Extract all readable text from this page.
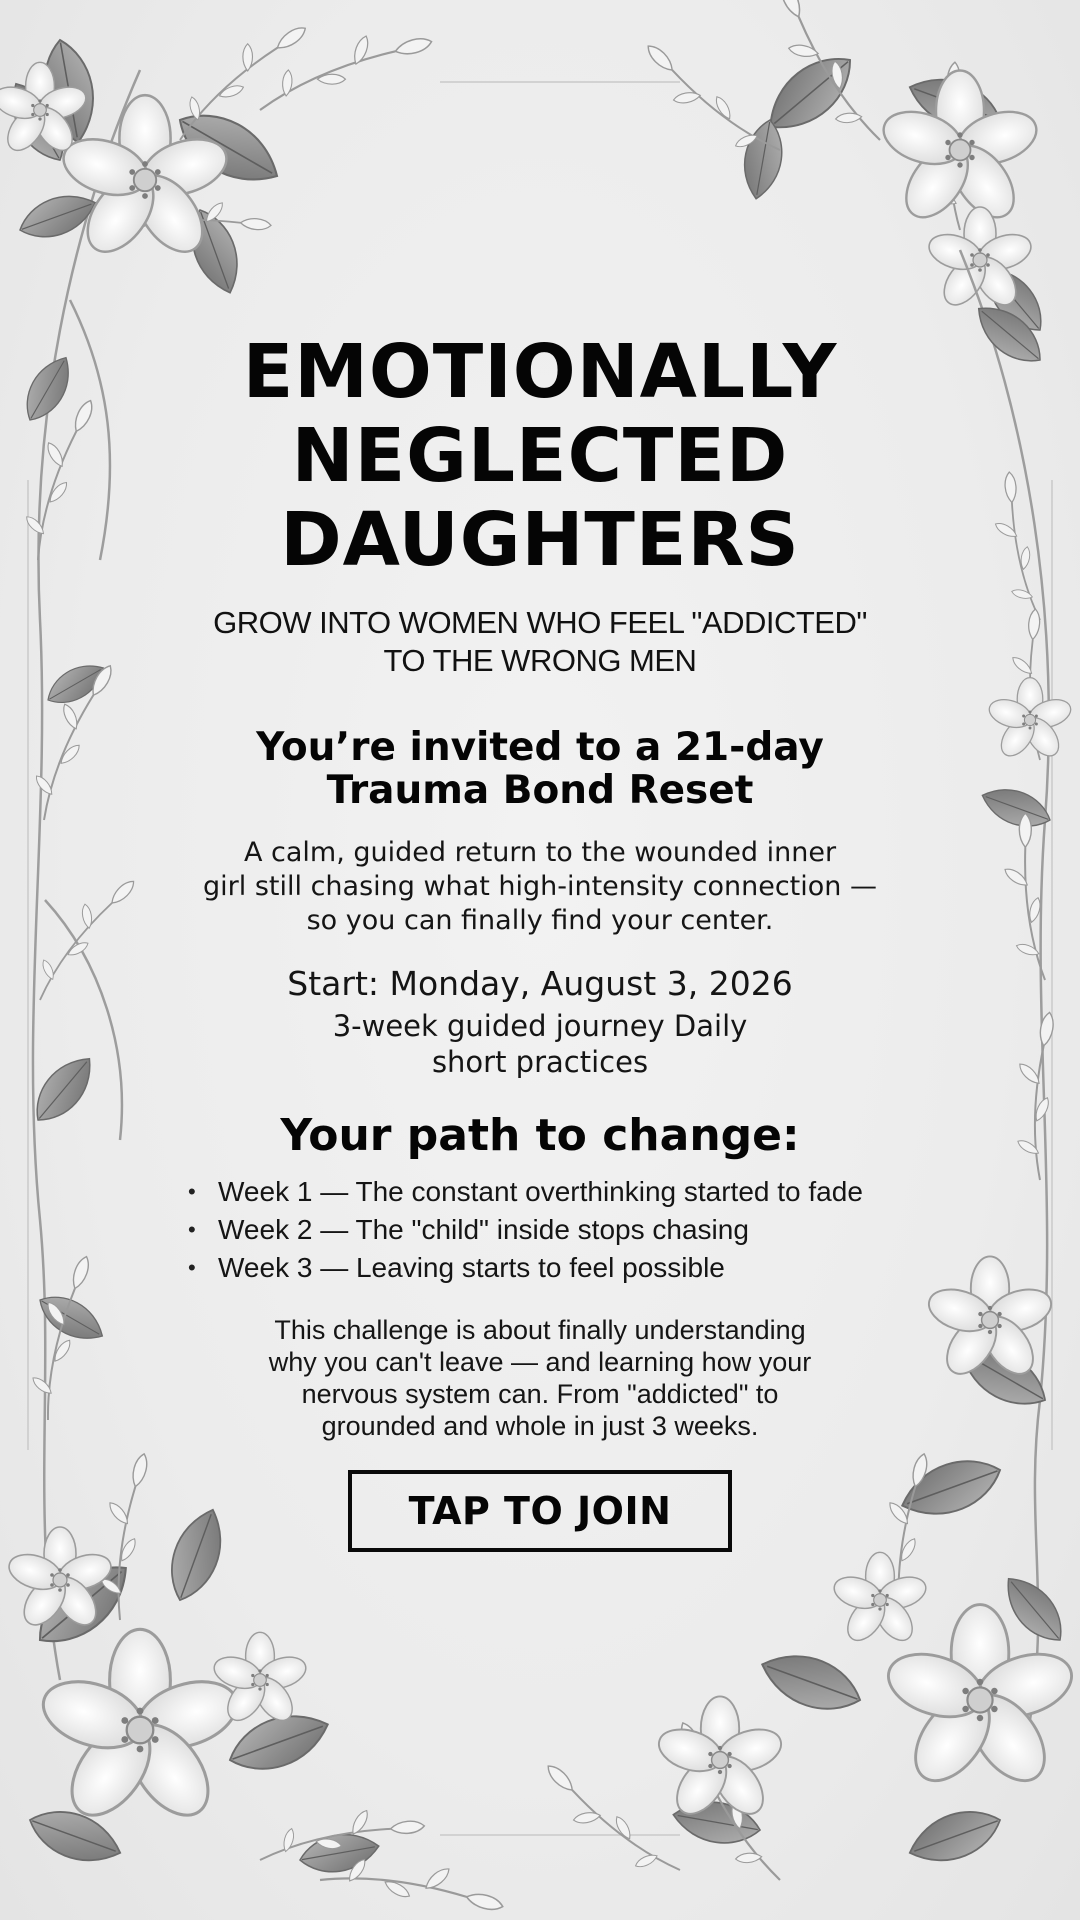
EMOTIONALLY NEGLECTED DAUGHTERS

GROW INTO WOMEN WHO FEEL "ADDICTED"
TO THE WRONG MEN

You’re invited to a 21-day
Trauma Bond Reset

A calm, guided return to the wounded inner
girl still chasing what high-intensity connection —
so you can finally find your center.

Start: Monday, August 3, 2026

3-week guided journey Daily
short practices

Your path to change:
• Week 1 — The constant overthinking started to fade
• Week 2 — The "child" inside stops chasing
• Week 3 — Leaving starts to feel possible

This challenge is about finally understanding
why you can't leave — and learning how your
nervous system can. From "addicted" to
grounded and whole in just 3 weeks.

TAP TO JOIN
